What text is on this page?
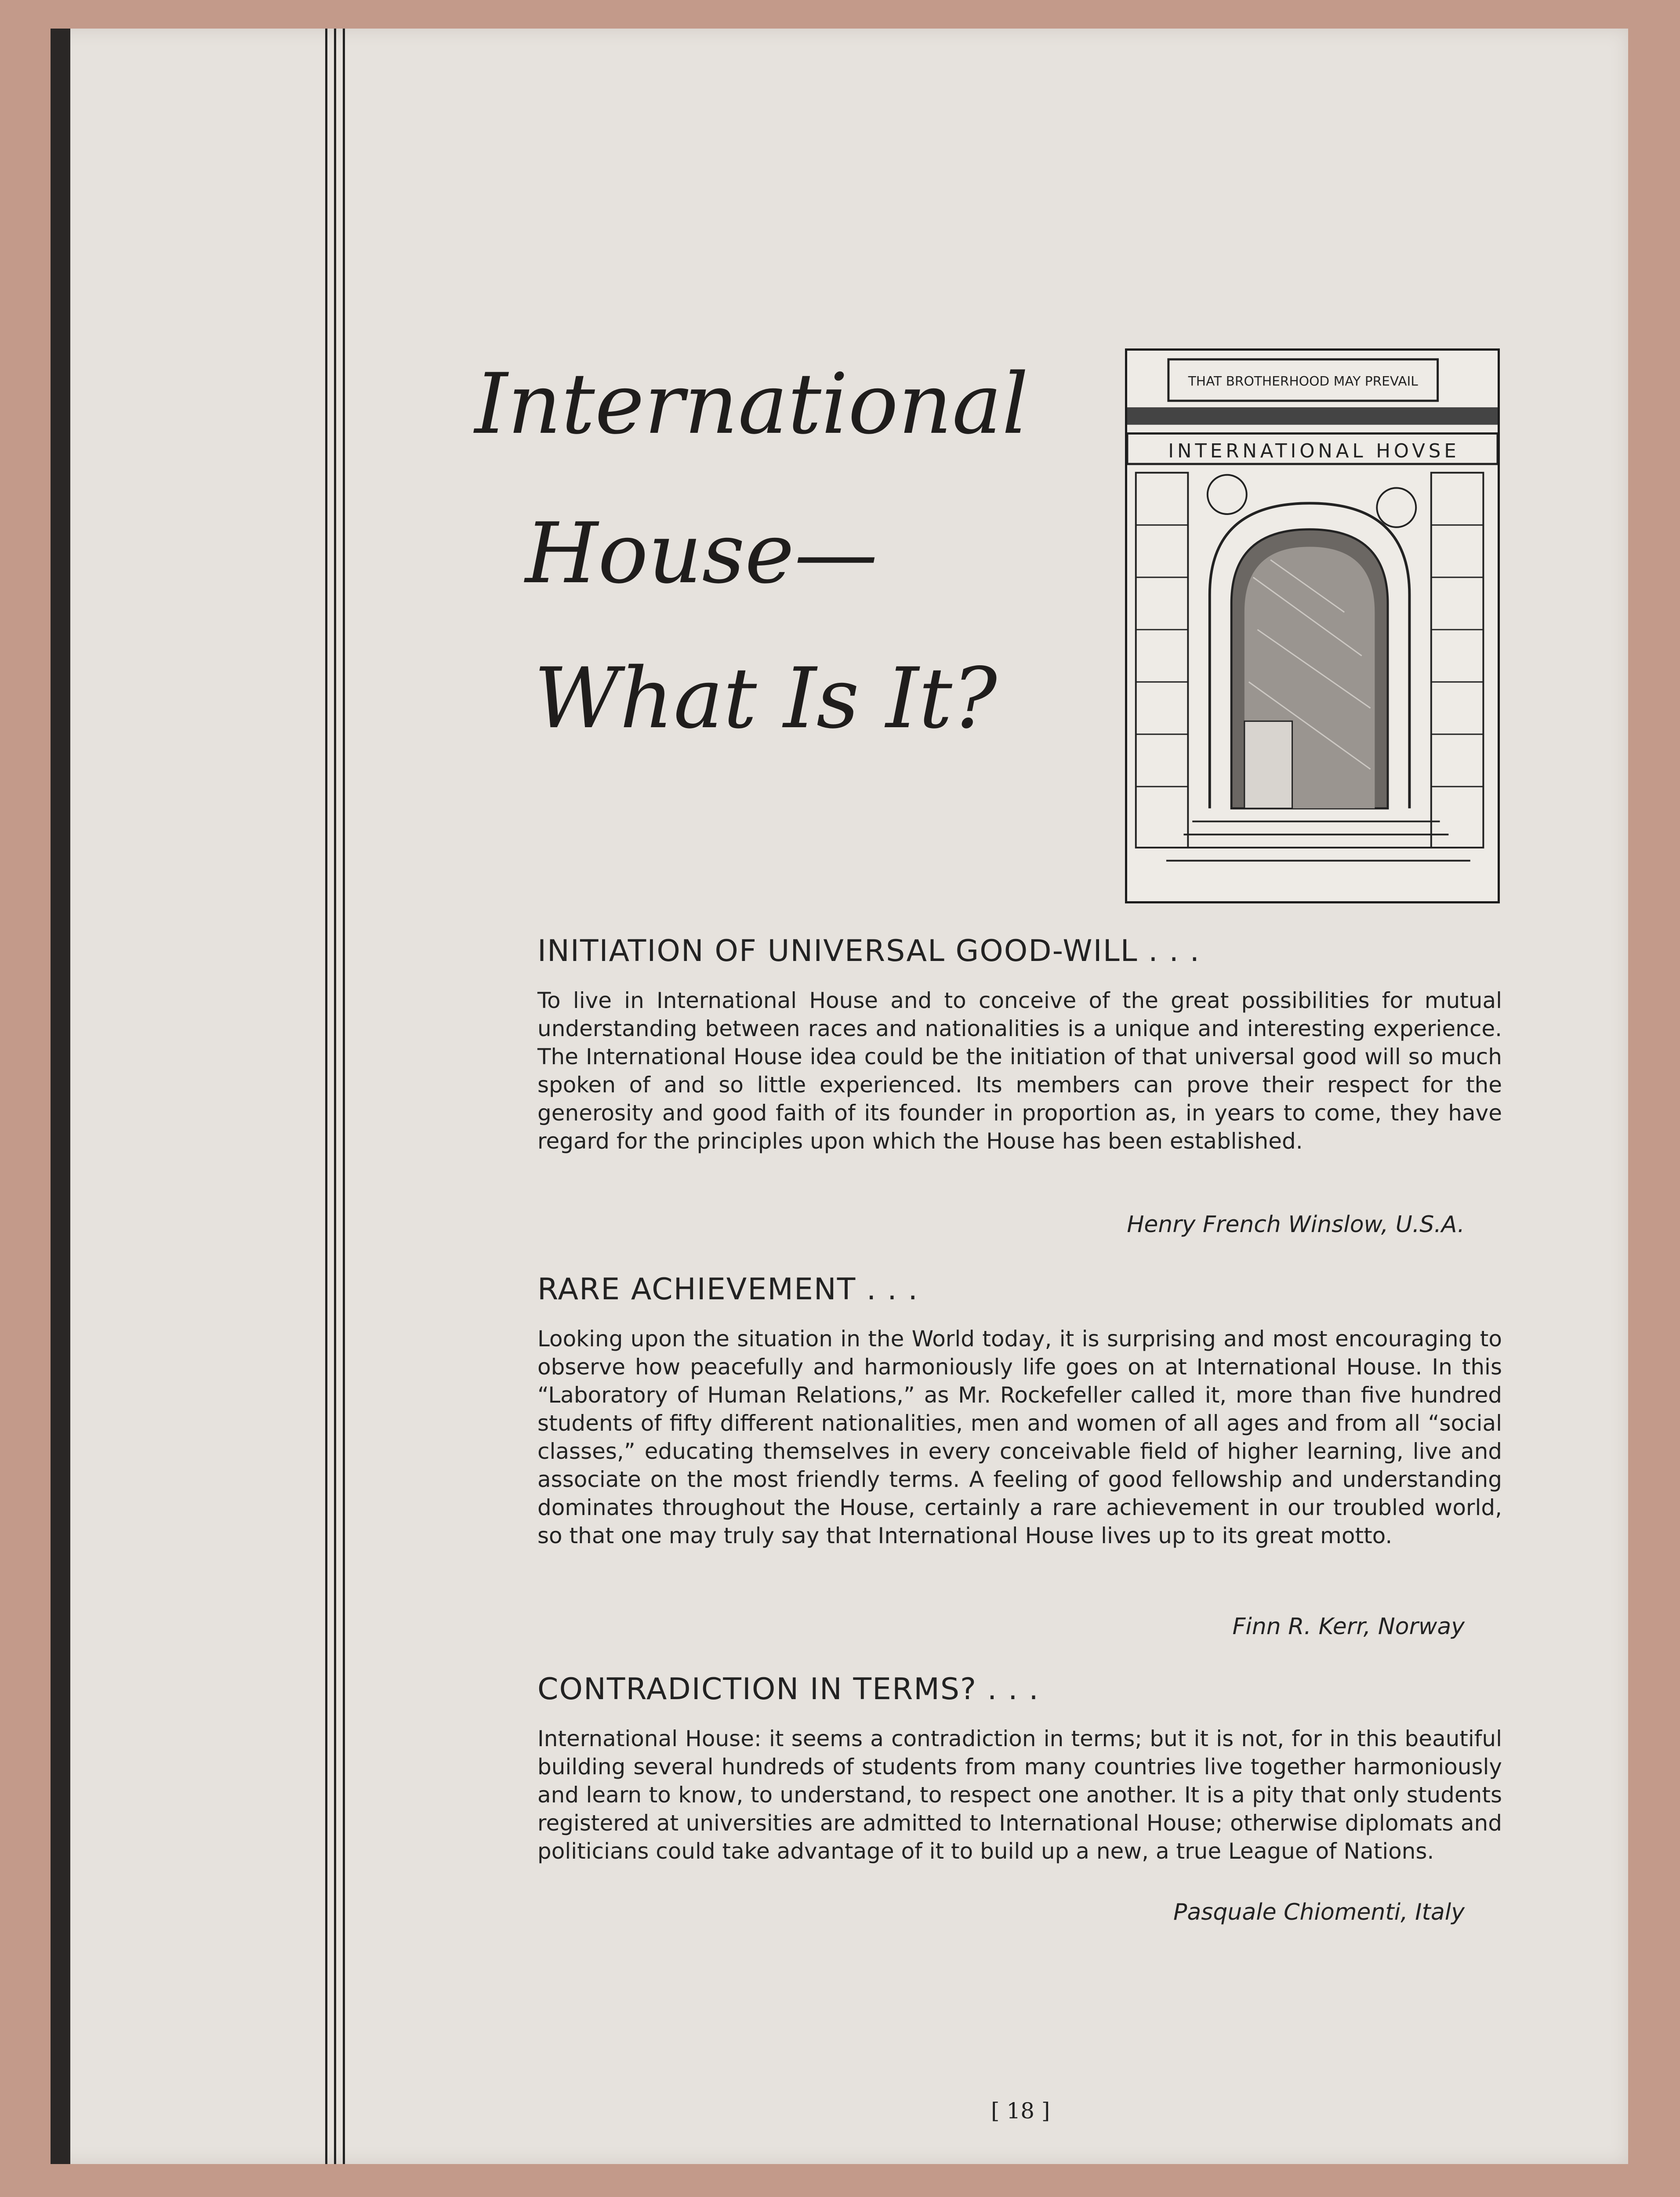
International
House—
What Is It?
THAT BROTHERHOOD MAY PREVAIL
INTERNATIONAL HOVSE
INITIATION OF UNIVERSAL GOOD-WILL . . .
To live in International House and to conceive of the great possibilities for mutual understanding between races and nationalities is a unique and interesting experience. The International House idea could be the initiation of that universal good will so much spoken of and so little experienced. Its members can prove their respect for the generosity and good faith of its founder in proportion as, in years to come, they have regard for the principles upon which the House has been established.
Henry French Winslow, U.S.A.
RARE ACHIEVEMENT . . .
Looking upon the situation in the World today, it is surprising and most encouraging to observe how peacefully and harmoniously life goes on at International House. In this “Laboratory of Human Relations,” as Mr. Rockefeller called it, more than five hundred students of fifty different nationalities, men and women of all ages and from all “social classes,” educating themselves in every conceivable field of higher learning, live and associate on the most friendly terms. A feeling of good fellowship and understanding dominates throughout the House, certainly a rare achievement in our troubled world, so that one may truly say that International House lives up to its great motto.
Finn R. Kerr, Norway
CONTRADICTION IN TERMS? . . .
International House: it seems a contradiction in terms; but it is not, for in this beautiful building several hundreds of students from many countries live together harmoniously and learn to know, to understand, to respect one another. It is a pity that only students registered at universities are admitted to International House; otherwise diplomats and politicians could take advantage of it to build up a new, a true League of Nations.
Pasquale Chiomenti, Italy
[ 18 ]
